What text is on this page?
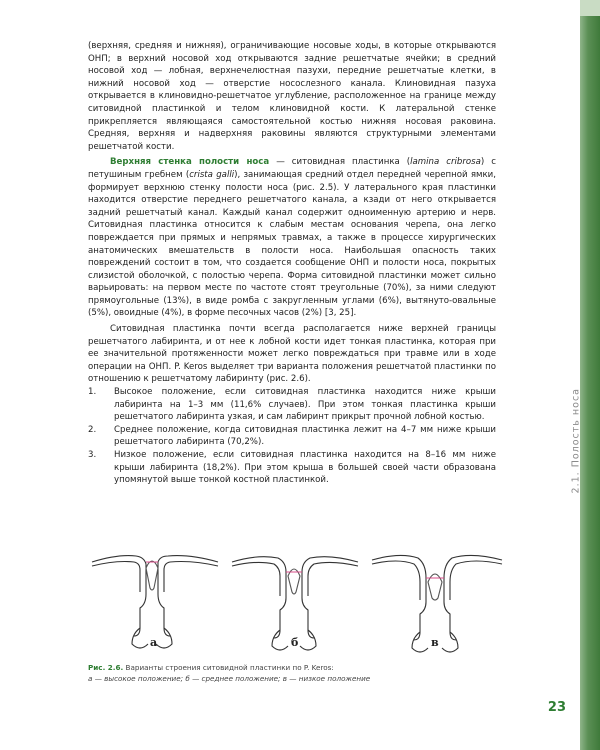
2.1. Полость носа

(верхняя, средняя и нижняя), ограничивающие носовые ходы, в которые открываются ОНП; в верхний носовой ход открываются задние решетчатые ячейки; в средний носовой ход — лобная, верхнечелюстная пазухи, передние решетчатые клетки, в нижний носовой ход — отверстие носослезного канала. Клиновидная пазуха открывается в клиновидно-решетчатое углубление, расположенное на границе между ситовидной пластинкой и телом клиновидной кости. К латеральной стенке прикрепляется являющаяся самостоятельной костью нижняя носовая раковина. Средняя, верхняя и надверхняя раковины являются структурными элементами решетчатой кости.

Верхняя стенка полости носа — ситовидная пластинка (lamina cribrosa) с петушиным гребнем (crista galli), занимающая средний отдел передней черепной ямки, формирует верхнюю стенку полости носа (рис. 2.5). У латерального края пластинки находится отверстие переднего решетчатого канала, а кзади от него открывается задний решетчатый канал. Каждый канал содержит одноименную артерию и нерв. Ситовидная пластинка относится к слабым местам основания черепа, она легко повреждается при прямых и непрямых травмах, а также в процессе хирургических анатомических вмешательств в полости носа. Наибольшая опасность таких повреждений состоит в том, что создается сообщение ОНП и полости носа, покрытых слизистой оболочкой, с полостью черепа. Форма ситовидной пластинки может сильно варьировать: на первом месте по частоте стоят треугольные (70%), за ними следуют прямоугольные (13%), в виде ромба с закругленным углами (6%), вытянуто-овальные (5%), овоидные (4%), в форме песочных часов (2%) [3, 25].

Ситовидная пластинка почти всегда располагается ниже верхней границы решетчатого лабиринта, и от нее к лобной кости идет тонкая пластинка, которая при ее значительной протяженности может легко повреждаться при травме или в ходе операции на ОНП. P. Keros выделяет три варианта положения решетчатой пластинки по отношению к решетчатому лабиринту (рис. 2.6).

1. Высокое положение, если ситовидная пластинка находится ниже крыши лабиринта на 1–3 мм (11,6% случаев). При этом тонкая пластинка крыши решетчатого лабиринта узкая, и сам лабиринт прикрыт прочной лобной костью.
2. Среднее положение, когда ситовидная пластинка лежит на 4–7 мм ниже крыши решетчатого лабиринта (70,2%).
3. Низкое положение, если ситовидная пластинка находится на 8–16 мм ниже крыши лабиринта (18,2%). При этом крыша в большей своей части образована упомянутой выше тонкой костной пластинкой.
а	б	в
Рис. 2.6. Варианты строения ситовидной пластинки по P. Keros:
а — высокое положение; б — среднее положение; в — низкое положение
23
